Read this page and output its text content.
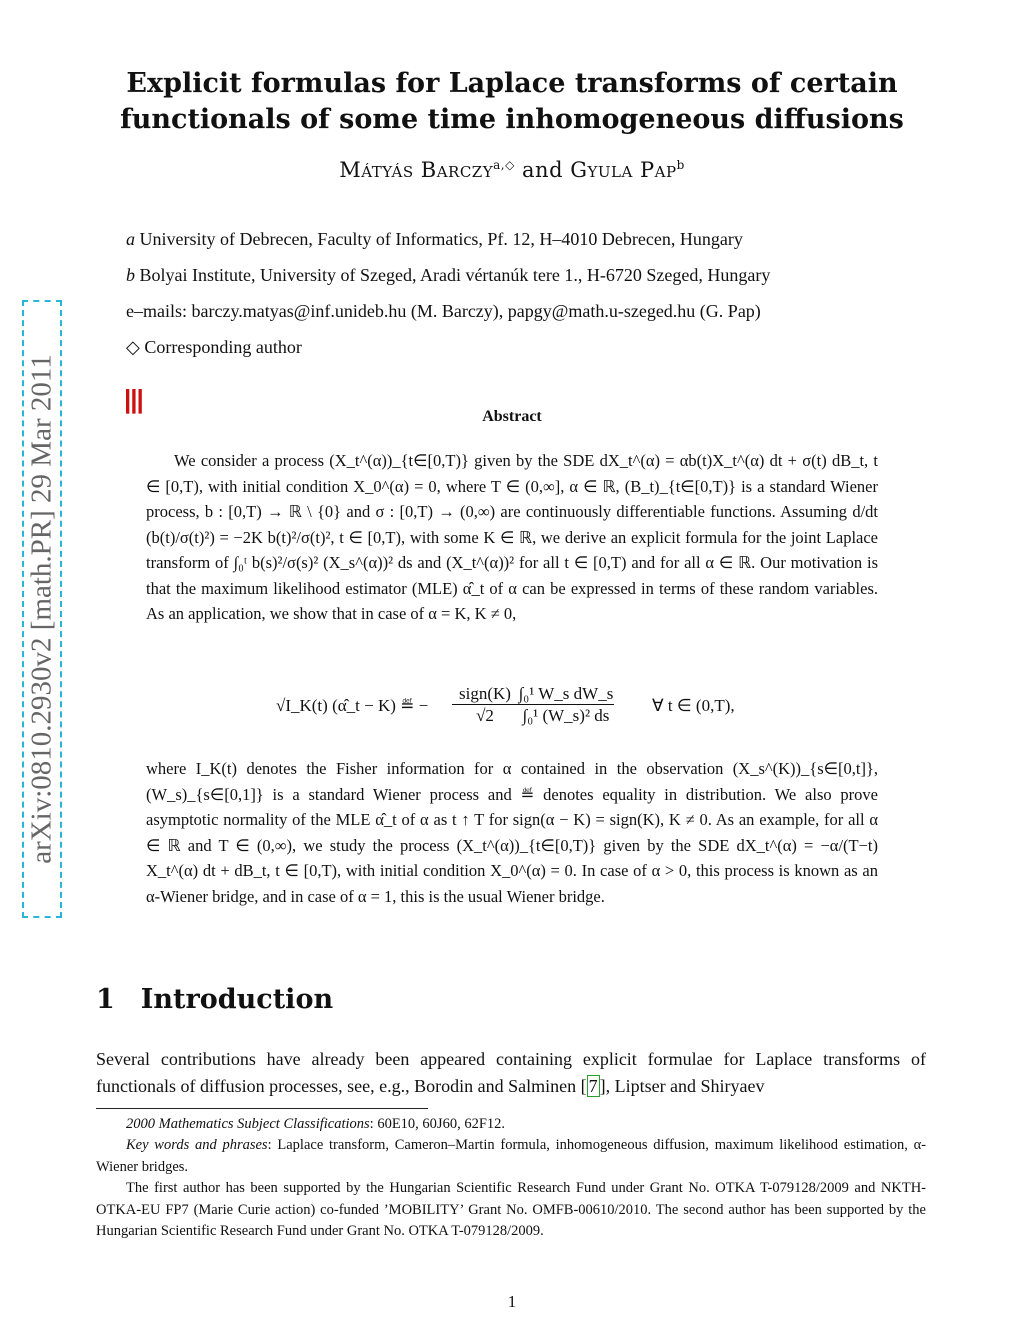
Explicit formulas for Laplace transforms of certain
functionals of some time inhomogeneous diffusions
Mátyás Barczy$^{a,◇}$ and Gyula Pap$^b$
a University of Debrecen, Faculty of Informatics, Pf. 12, H–4010 Debrecen, Hungary
b Bolyai Institute, University of Szeged, Aradi vértanúk tere 1., H-6720 Szeged, Hungary
e–mails: barczy.matyas@inf.unideb.hu (M. Barczy), papgy@math.u-szeged.hu (G. Pap)
◇ Corresponding author
arXiv:0810.2930v2 [math.PR] 29 Mar 2011	|||
Abstract
We consider a process (X_t^(α))_{t∈[0,T)} given by the SDE dX_t^(α) = αb(t)X_t^(α) dt + σ(t) dB_t, t ∈ [0,T), with initial condition X_0^(α) = 0, where T ∈ (0,∞], α ∈ ℝ, (B_t)_{t∈[0,T)} is a standard Wiener process, b : [0,T) → ℝ \ {0} and σ : [0,T) → (0,∞) are continuously differentiable functions. Assuming d/dt (b(t)/σ(t)²) = −2K b(t)²/σ(t)², t ∈ [0,T), with some K ∈ ℝ, we derive an explicit formula for the joint Laplace transform of ∫₀ᵗ b(s)²/σ(s)² (X_s^(α))² ds and (X_t^(α))² for all t ∈ [0,T) and for all α ∈ ℝ. Our motivation is that the maximum likelihood estimator (MLE) α̂_t of α can be expressed in terms of these random variables. As an application, we show that in case of α = K, K ≠ 0,
√I_K(t) (α̂_t − K) ≝ −
sign(K)
√2	$\frac{\text{∫₀¹ W\_s dW\_s}}{\text{∫₀¹ (W\_s)² ds}}$ ∀ t ∈ (0,T),
where I_K(t) denotes the Fisher information for α contained in the observation (X_s^(K))_{s∈[0,t]}, (W_s)_{s∈[0,1]} is a standard Wiener process and ≝ denotes equality in distribution. We also prove asymptotic normality of the MLE α̂_t of α as t ↑ T for sign(α − K) = sign(K), K ≠ 0. As an example, for all α ∈ ℝ and T ∈ (0,∞), we study the process (X_t^(α))_{t∈[0,T)} given by the SDE dX_t^(α) = −α/(T−t) X_t^(α) dt + dB_t, t ∈ [0,T), with initial condition X_0^(α) = 0. In case of α > 0, this process is known as an α-Wiener bridge, and in case of α = 1, this is the usual Wiener bridge.
1 Introduction
Several contributions have already been appeared containing explicit formulae for Laplace transforms of functionals of diffusion processes, see, e.g., Borodin and Salminen [ 7 ], Liptser and Shiryaev
2000 Mathematics Subject Classifications: 60E10, 60J60, 62F12.
Key words and phrases: Laplace transform, Cameron–Martin formula, inhomogeneous diffusion, maximum likelihood estimation, α-Wiener bridges.
The first author has been supported by the Hungarian Scientific Research Fund under Grant No. OTKA T-079128/2009 and NKTH-OTKA-EU FP7 (Marie Curie action) co-funded ’MOBILITY’ Grant No. OMFB-00610/2010. The second author has been supported by the Hungarian Scientific Research Fund under Grant No. OTKA T-079128/2009.
1
